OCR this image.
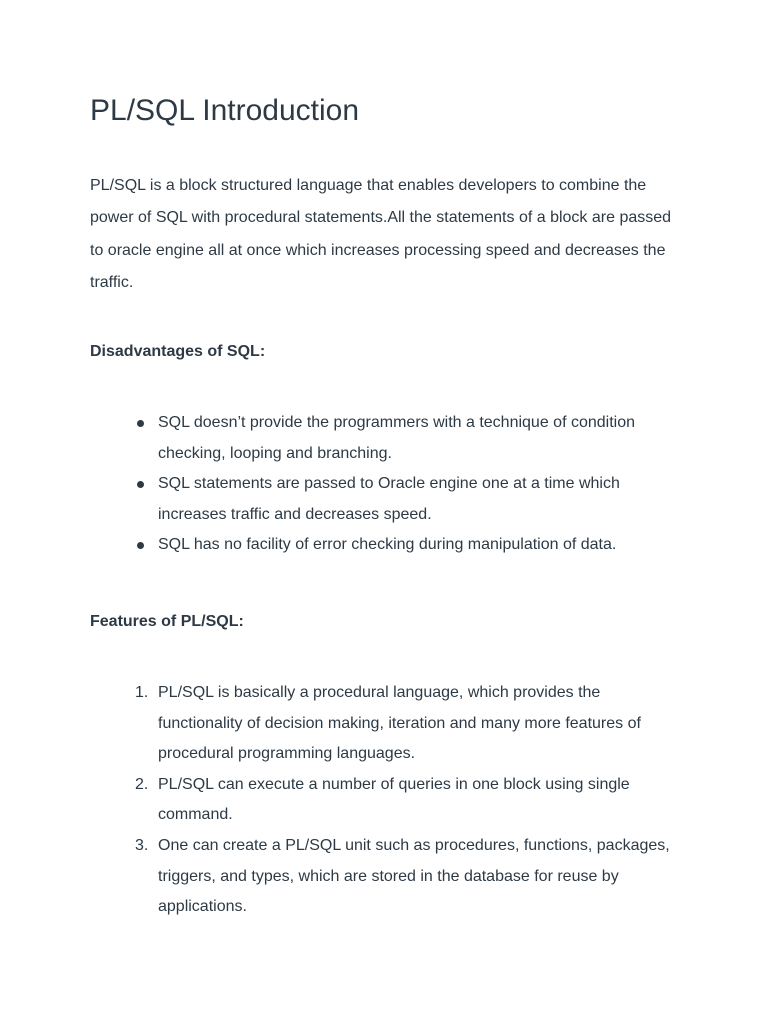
PL/SQL Introduction

PL/SQL is a block structured language that enables developers to combine the power of SQL with procedural statements.All the statements of a block are passed to oracle engine all at once which increases processing speed and decreases the traffic.

Disadvantages of SQL:
SQL doesn’t provide the programmers with a technique of condition checking, looping and branching.
SQL statements are passed to Oracle engine one at a time which increases traffic and decreases speed.
SQL has no facility of error checking during manipulation of data.
Features of PL/SQL:
1. PL/SQL is basically a procedural language, which provides the functionality of decision making, iteration and many more features of procedural programming languages.
2. PL/SQL can execute a number of queries in one block using single command.
3. One can create a PL/SQL unit such as procedures, functions, packages, triggers, and types, which are stored in the database for reuse by applications.
